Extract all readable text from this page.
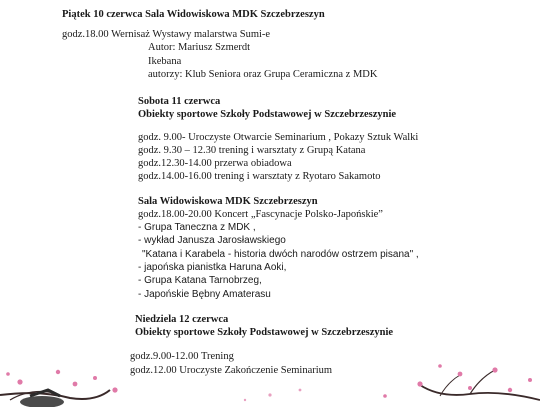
Piątek 10 czerwca Sala Widowiskowa MDK Szczebrzeszyn
godz.18.00 Wernisaż Wystawy malarstwa Sumi-e
Autor: Mariusz Szmerdt
Ikebana
autorzy: Klub Seniora oraz Grupa Ceramiczna z MDK
Sobota 11 czerwca
Obiekty sportowe Szkoły Podstawowej w Szczebrzeszynie
godz. 9.00- Uroczyste Otwarcie Seminarium , Pokazy Sztuk Walki
godz. 9.30 – 12.30 trening i warsztaty z Grupą Katana
godz.12.30-14.00 przerwa obiadowa
godz.14.00-16.00 trening i warsztaty z Ryotaro Sakamoto
Sala Widowiskowa MDK Szczebrzeszyn
godz.18.00-20.00 Koncert „Fascynacje Polsko-Japońskie”
- Grupa Taneczna z MDK ,
- wykład Janusza Jarosławskiego
"Katana i Karabela - historia dwóch narodów ostrzem pisana" ,
- japońska pianistka Haruna Aoki,
- Grupa Katana Tarnobrzeg,
- Japońskie Bębny Amaterasu
Niedziela 12 czerwca
Obiekty sportowe Szkoły Podstawowej w Szczebrzeszynie
godz.9.00-12.00 Trening
godz.12.00 Uroczyste Zakończenie Seminarium
